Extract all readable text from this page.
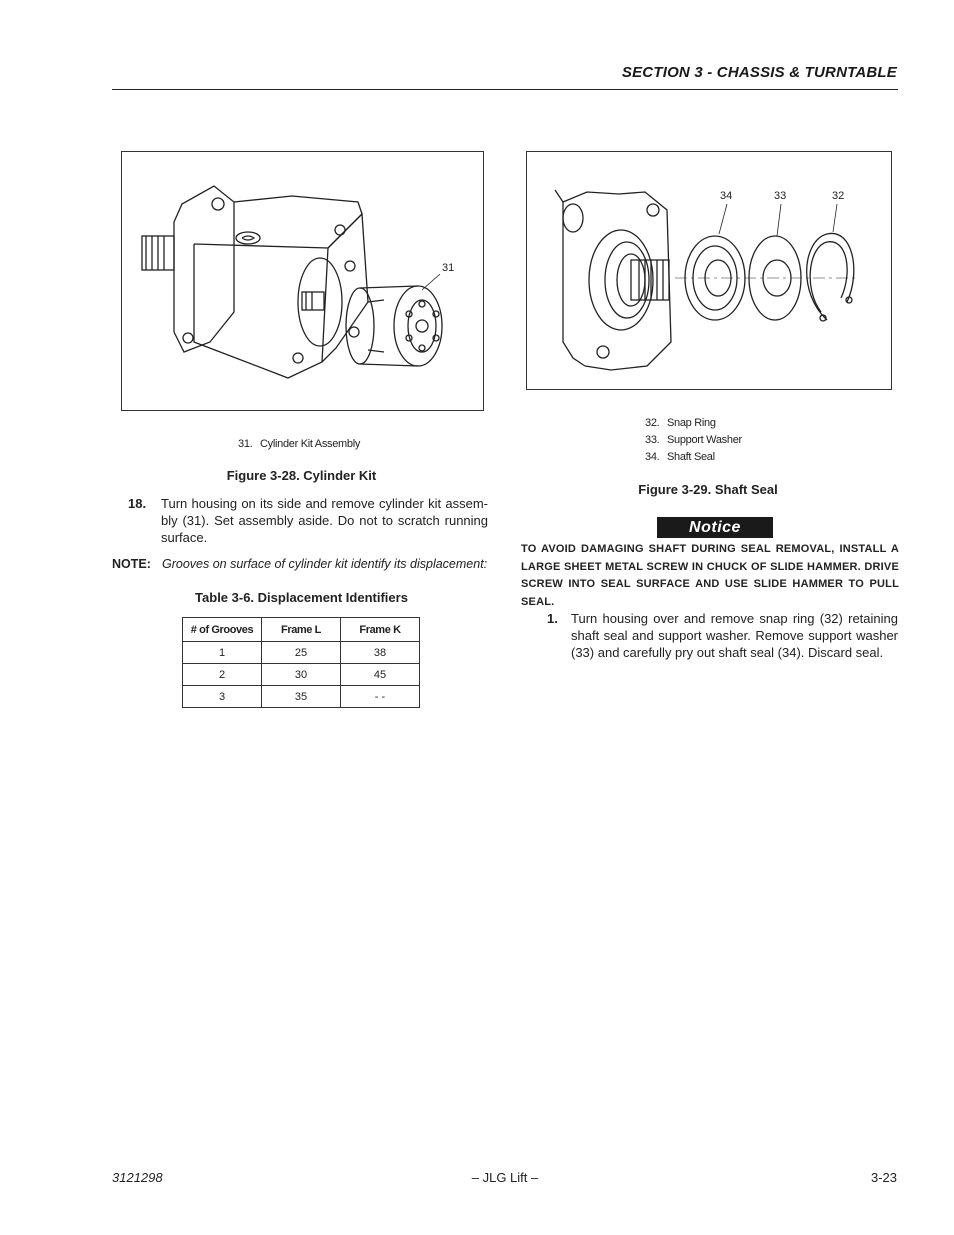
SECTION 3 - CHASSIS & TURNTABLE
31
31. Cylinder Kit Assembly
Figure 3-28. Cylinder Kit
18. Turn housing on its side and remove cylinder kit assem-bly (31). Set assembly aside. Do not to scratch running surface.
NOTE: Grooves on surface of cylinder kit identify its displacement:
Table 3-6. Displacement Identifiers
# of Grooves	Frame L	Frame K
1	25	38
2	30	45
3	35	- -
34	33	32
32. Snap Ring
33. Support Washer
34. Shaft Seal
Figure 3-29. Shaft Seal
Notice
TO AVOID DAMAGING SHAFT DURING SEAL REMOVAL, INSTALL A LARGE SHEET METAL SCREW IN CHUCK OF SLIDE HAMMER. DRIVE SCREW INTO SEAL SURFACE AND USE SLIDE HAMMER TO PULL SEAL.
1. Turn housing over and remove snap ring (32) retaining shaft seal and support washer. Remove support washer (33) and carefully pry out shaft seal (34). Discard seal.
3121298	– JLG Lift –	3-23
